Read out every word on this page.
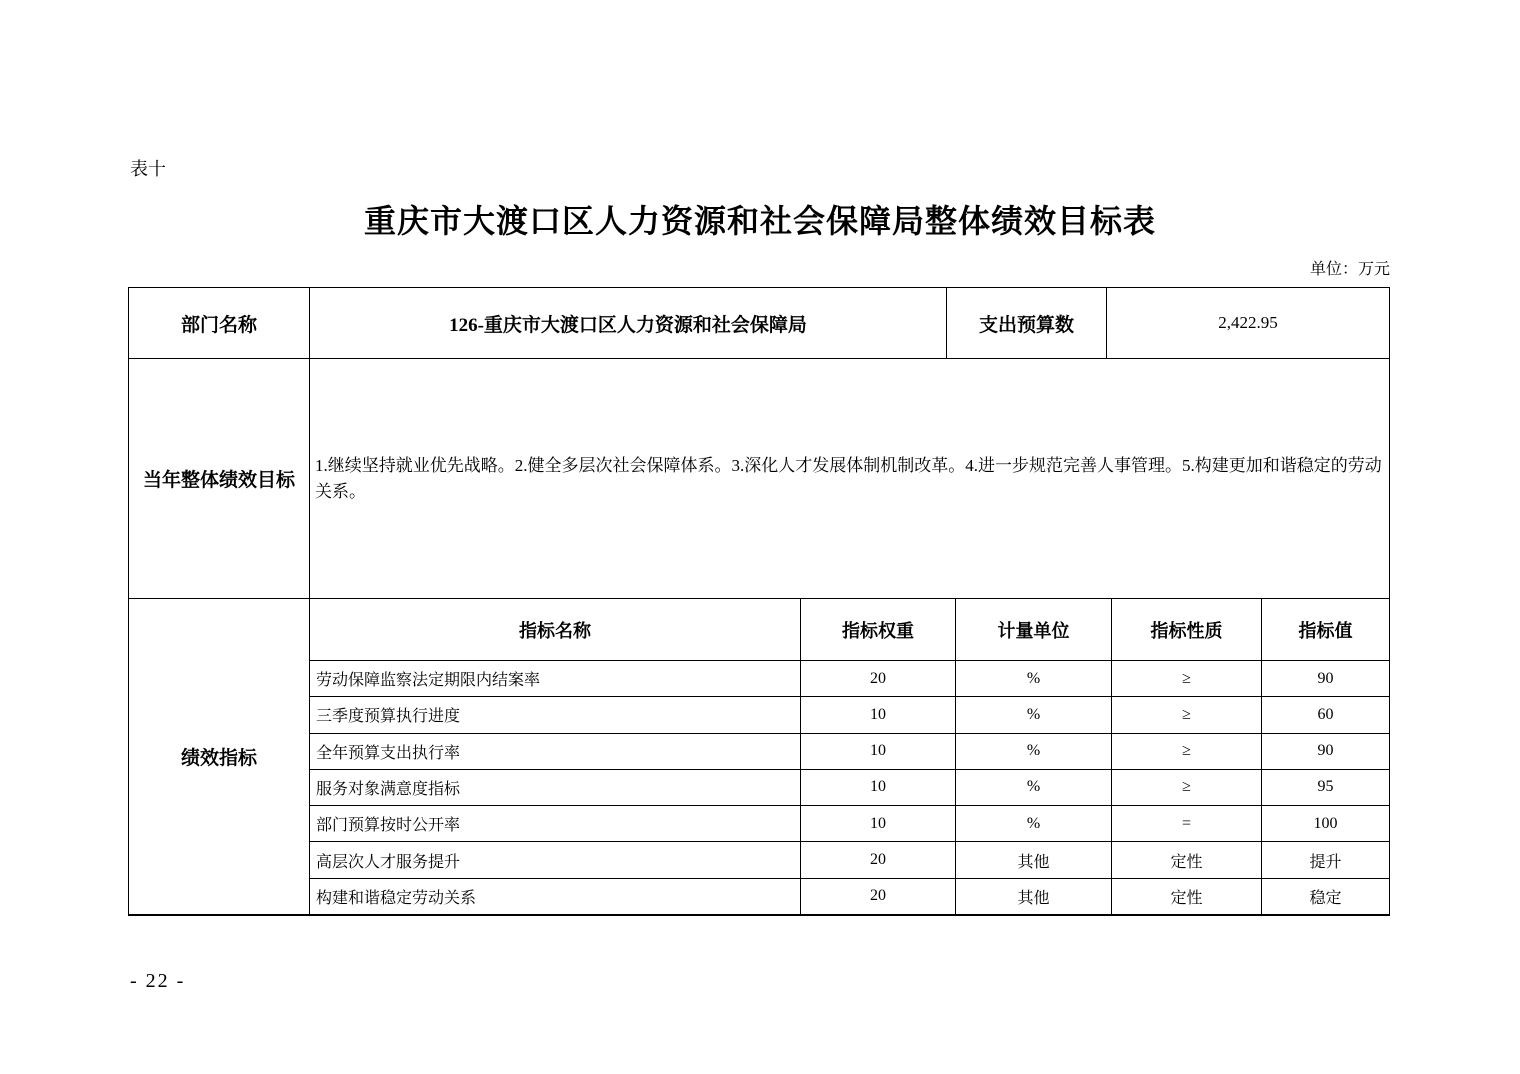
表十
重庆市大渡口区人力资源和社会保障局整体绩效目标表
单位：万元
部门名称	126-重庆市大渡口区人力资源和社会保障局	支出预算数	2,422.95
当年整体绩效目标
1.继续坚持就业优先战略。2.健全多层次社会保障体系。3.深化人才发展体制机制改革。4.进一步规范完善人事管理。5.构建更加和谐稳定的劳动关系。
绩效指标
指标名称	指标权重	计量单位	指标性质	指标值
劳动保障监察法定期限内结案率	20	%	≥	90
三季度预算执行进度	10	%	≥	60
全年预算支出执行率	10	%	≥	90
服务对象满意度指标	10	%	≥	95
部门预算按时公开率	10	%	=	100
高层次人才服务提升	20	其他	定性	提升
构建和谐稳定劳动关系	20	其他	定性	稳定
- 22 -
